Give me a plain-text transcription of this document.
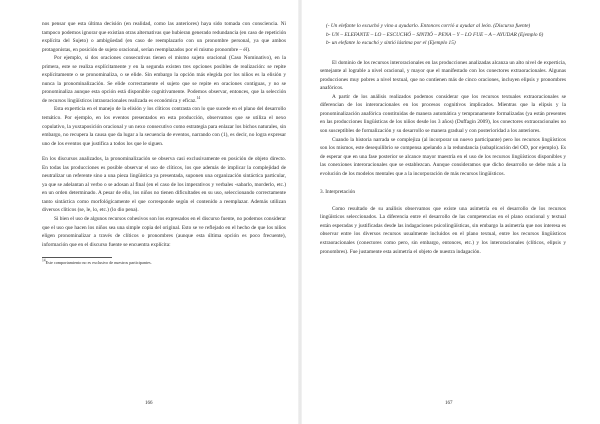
nos pensar que esta última decisión (en realidad, como las anteriores) haya sido tomada con consciencia. Ni tampoco podemos ignorar que existían otras alternativas que hubieran generado redundancia (en caso de repetición explícita del Sujeto) o ambigüedad (en caso de reemplazarlo con un pronombre personal, ya que ambos protagonistas, en posición de sujeto oracional, serían reemplazados por el mismo pronombre – él).

Por ejemplo, si dos oraciones consecutivas tienen el mismo sujeto oracional (Caso Nominativo), en la primera, este se realiza explícitamente y en la segunda existen tres opciones posibles de realización: se repite explícitamente o se pronominaliza, o se elide. Sin embargo la opción más elegida por los niños es la elisión y nunca la pronominalización. Se elide correctamente el sujeto que se repite en oraciones contiguas, y no se pronominaliza aunque esta opción está disponible cognitivamente. Podemos observar, entonces, que la selección de recursos lingüísticos intraoracionales realizada es económica y eficaz.$^{14}$

Esta experticia en el manejo de la elisión y los clíticos contrasta con lo que sucede en el plano del desarrollo temático. Por ejemplo, en los eventos presentados en esta producción, observamos que se utiliza el nexo copulativo, la yuxtaposición oracional y un nexo consecutivo como estrategia para enlazar los bichos naturales, sin embargo, no recupera la causa que da lugar a la secuencia de eventos, narrando con (1), es decir, no logra expresar uno de los eventos que justifica a todos los que le siguen.

En los discursos analizados, la pronominalización se observa casi exclusivamente en posición de objeto directo. En todas las producciones es posible observar el uso de clíticos, los que además de implicar la complejidad de neutralizar un referente sino a una pieza lingüística ya presentada, suponen una organización sintáctica particular, ya que se adelantan al verbo o se adosan al final (en el caso de los imperativos y verbales -sabarlo, morderlo, etc.) en un orden determinado. A pesar de ello, los niños no tienen dificultades en su uso, seleccionando correctamente tanto sintáctica como morfológicamente el que corresponde según el contenido a reemplazar. Además utilizan diversos clíticos (se, le, lo, etc.) (lo dio pena).

Si bien el uso de algunos recursos cohesivos son los expresados en el discurso fuente, no podemos considerar que el uso que hacen los niños sea una simple copia del original. Esto se ve reflejado en el hecho de que los niños eligen pronominalizar a través de clíticos o pronombres (aunque esta última opción es poco frecuente), información que en el discurso fuente se encuentra explícita:

$^{14}$Este comportamiento no es exclusivo de nuestros participantes.
(- Un elefante lo escuchó y vino a ayudarlo. Entonces corrió a ayudar al león. (Discurso fuente)
b- UN – ELEFANTE – LO – ESCUCHÓ – SINTIÓ – PENA – Y – LO FUE – A – AYUDAR (Ejemplo 6)
b- un elefante lo escuchó y sintió lástima por el (Ejemplo 15)

El dominio de los recursos interoracionales en las producciones analizadas alcanza un alto nivel de experticia, semejante al lograble a nivel oracional, y mayor que el manifestado con los conectores extraoracionales. Algunas producciones muy pobres a nivel textual, que no contienen más de cinco oraciones, incluyen elipsis y pronombres anafóricos.

A partir de los análisis realizados podemos considerar que los recursos textuales extraoracionales se diferencian de los interoracionales en los procesos cognitivos implicados. Mientras que la elipsis y la pronominalización anafórica constituidas de manera automática y tempranamente formalizadas (ya están presentes en las producciones lingüísticas de los niños desde los 3 años) (Duffagin 2009), los conectores extraoracionales no son susceptibles de formalización y su desarrollo se manera gradual y con posterioridad a los anteriores.

Cuando la historia narrada se complejiza (al incorporar un nuevo participante) pero los recursos lingüísticos son los mismos, este desequilibrio se compensa apelando a la redundancia (subaplicación del OD, por ejemplo). Es de esperar que en una fase posterior se alcance mayor maestría en el uso de los recursos lingüísticos disponibles y las conexiones interoracionales que se establezcan. Aunque consideramos que dicho desarrollo se debe más a la evolución de los modelos mentales que a la incorporación de más recursos lingüísticos.

3. Interpretación

Como resultado de su análisis observamos que existe una asimetría en el desarrollo de los recursos lingüísticos seleccionados. La diferencia entre el desarrollo de las competencias en el plano oracional y textual están esperadas y justificadas desde las indagaciones psicolingüísticas, sin embargo la asimetría que nos interesa es observar entre los diversos recursos usualmente incluidos en el plano textual, entre los recursos lingüísticos extraoracionales (conectores como pero, sin embargo, entonces, etc.) y los interoracionales (clíticos, elipsis y pronombres). Fue justamente esta asimetría el objeto de nuestra indagación.

166	167
